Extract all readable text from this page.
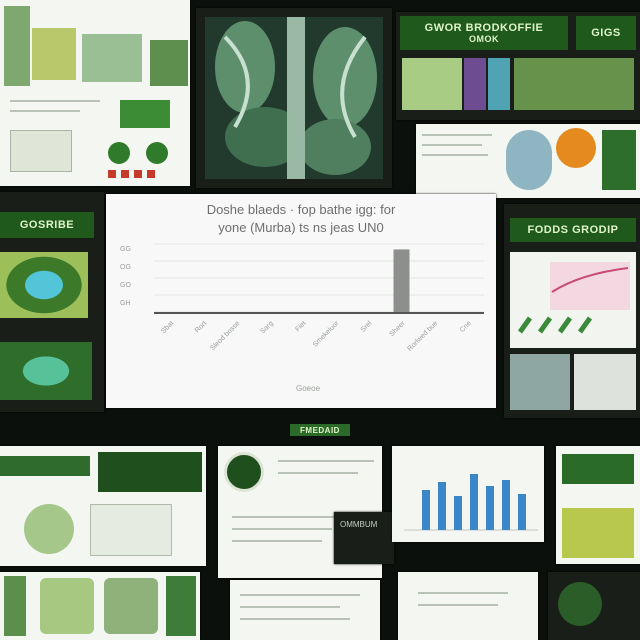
GWOR BRODKOFFIE
OMOK	GIGS
GOSRIBE
Doshe blaeds · fop bathe igg: for
yone (Murba) ts ns jeas UN0
GG
OG
GO
GH
Sbat	Rort Sleod bosse	Sarg	Fiet Smekeluor	Srel Sheer Rorlwed bue	Cne
Goeoe
FODDS GRODIP
FMEDAID
OMMBUM
